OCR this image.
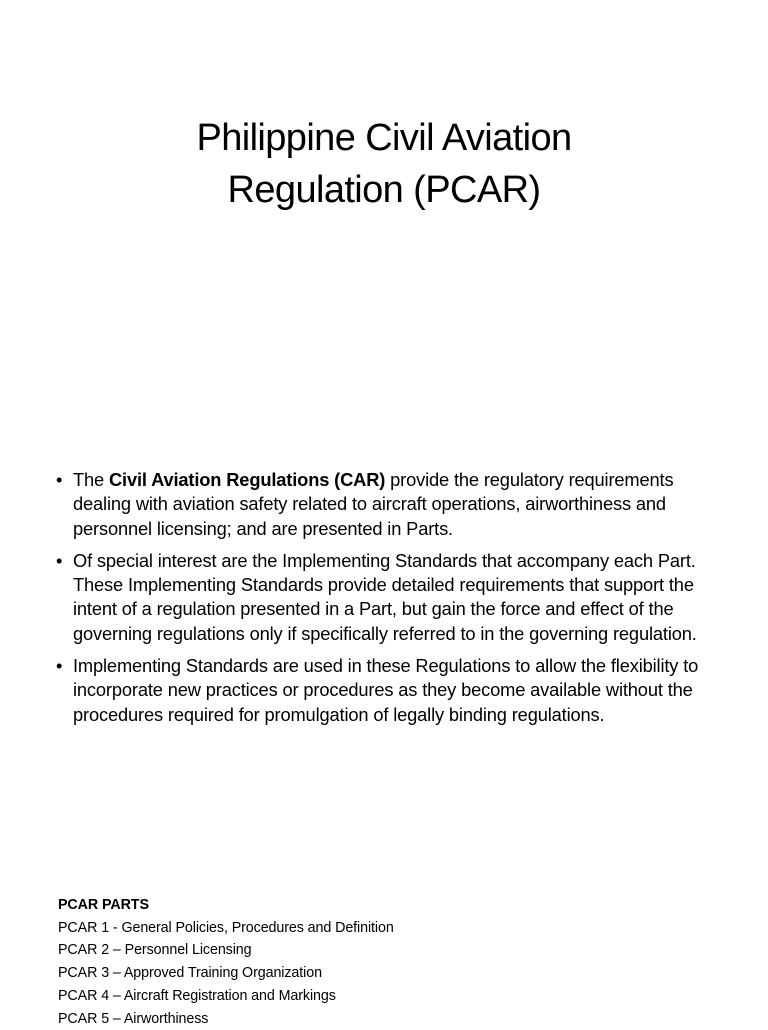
Philippine Civil Aviation
Regulation (PCAR)
• The Civil Aviation Regulations (CAR) provide the regulatory requirements dealing with aviation safety related to aircraft operations, airworthiness and personnel licensing; and are presented in Parts.
• Of special interest are the Implementing Standards that accompany each Part. These Implementing Standards provide detailed requirements that support the intent of a regulation presented in a Part, but gain the force and effect of the governing regulations only if specifically referred to in the governing regulation.
• Implementing Standards are used in these Regulations to allow the flexibility to incorporate new practices or procedures as they become available without the procedures required for promulgation of legally binding regulations.
PCAR PARTS
PCAR 1 - General Policies, Procedures and Definition
PCAR 2 – Personnel Licensing
PCAR 3 – Approved Training Organization
PCAR 4 – Aircraft Registration and Markings
PCAR 5 – Airworthiness
